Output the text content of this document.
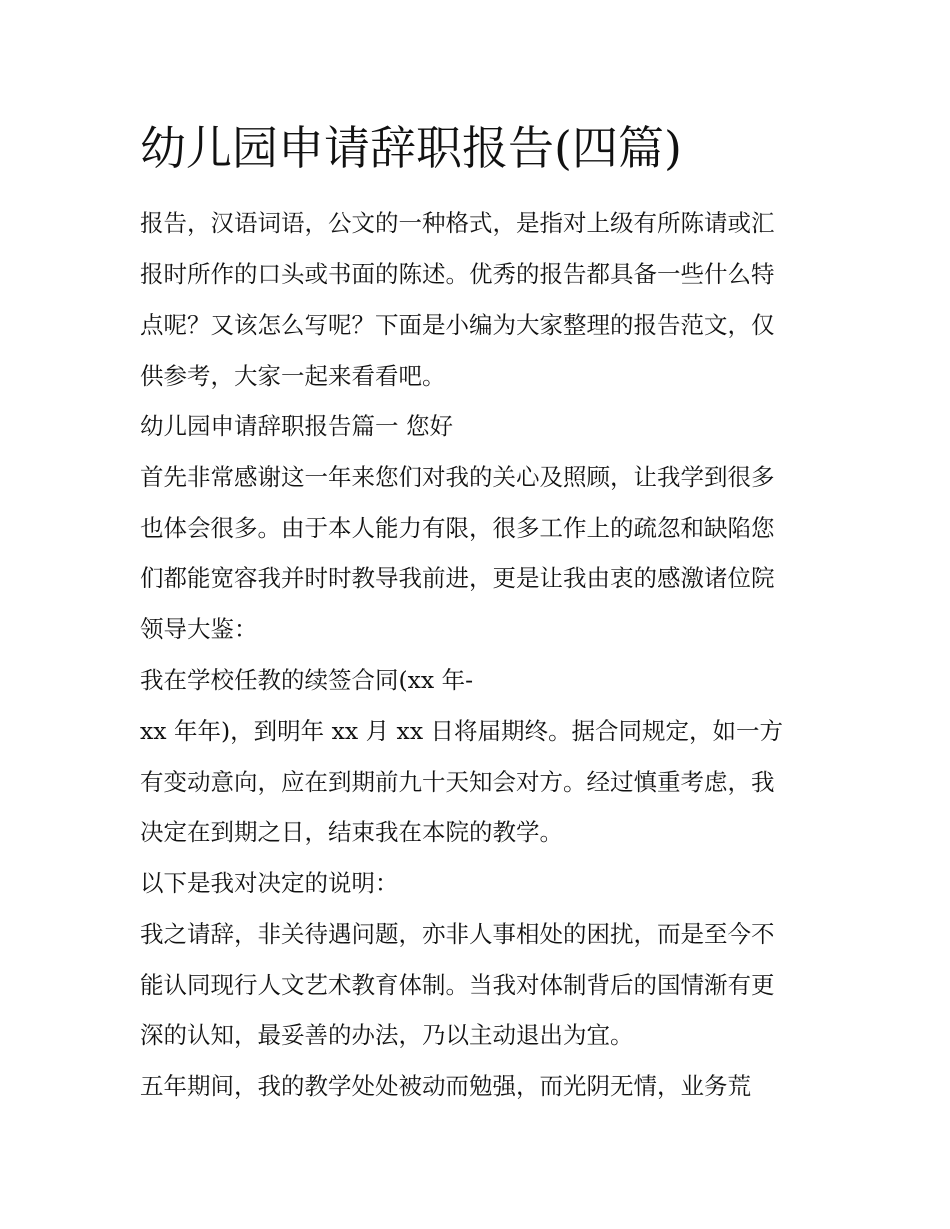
幼儿园申请辞职报告(四篇)

报告，汉语词语，公文的一种格式，是指对上级有所陈请或汇

报时所作的口头或书面的陈述。优秀的报告都具备一些什么特

点呢？又该怎么写呢？下面是小编为大家整理的报告范文，仅

供参考，大家一起来看看吧。

幼儿园申请辞职报告篇一 您好

首先非常感谢这一年来您们对我的关心及照顾，让我学到很多

也体会很多。由于本人能力有限，很多工作上的疏忽和缺陷您

们都能宽容我并时时教导我前进，更是让我由衷的感激诸位院

领导大鉴：

我在学校任教的续签合同(xx 年-

xx 年年)，到明年 xx 月 xx 日将届期终。据合同规定，如一方

有变动意向，应在到期前九十天知会对方。经过慎重考虑，我

决定在到期之日，结束我在本院的教学。

以下是我对决定的说明：

我之请辞，非关待遇问题，亦非人事相处的困扰，而是至今不

能认同现行人文艺术教育体制。当我对体制背后的国情渐有更

深的认知，最妥善的办法，乃以主动退出为宜。

五年期间，我的教学处处被动而勉强，而光阴无情，业务荒
